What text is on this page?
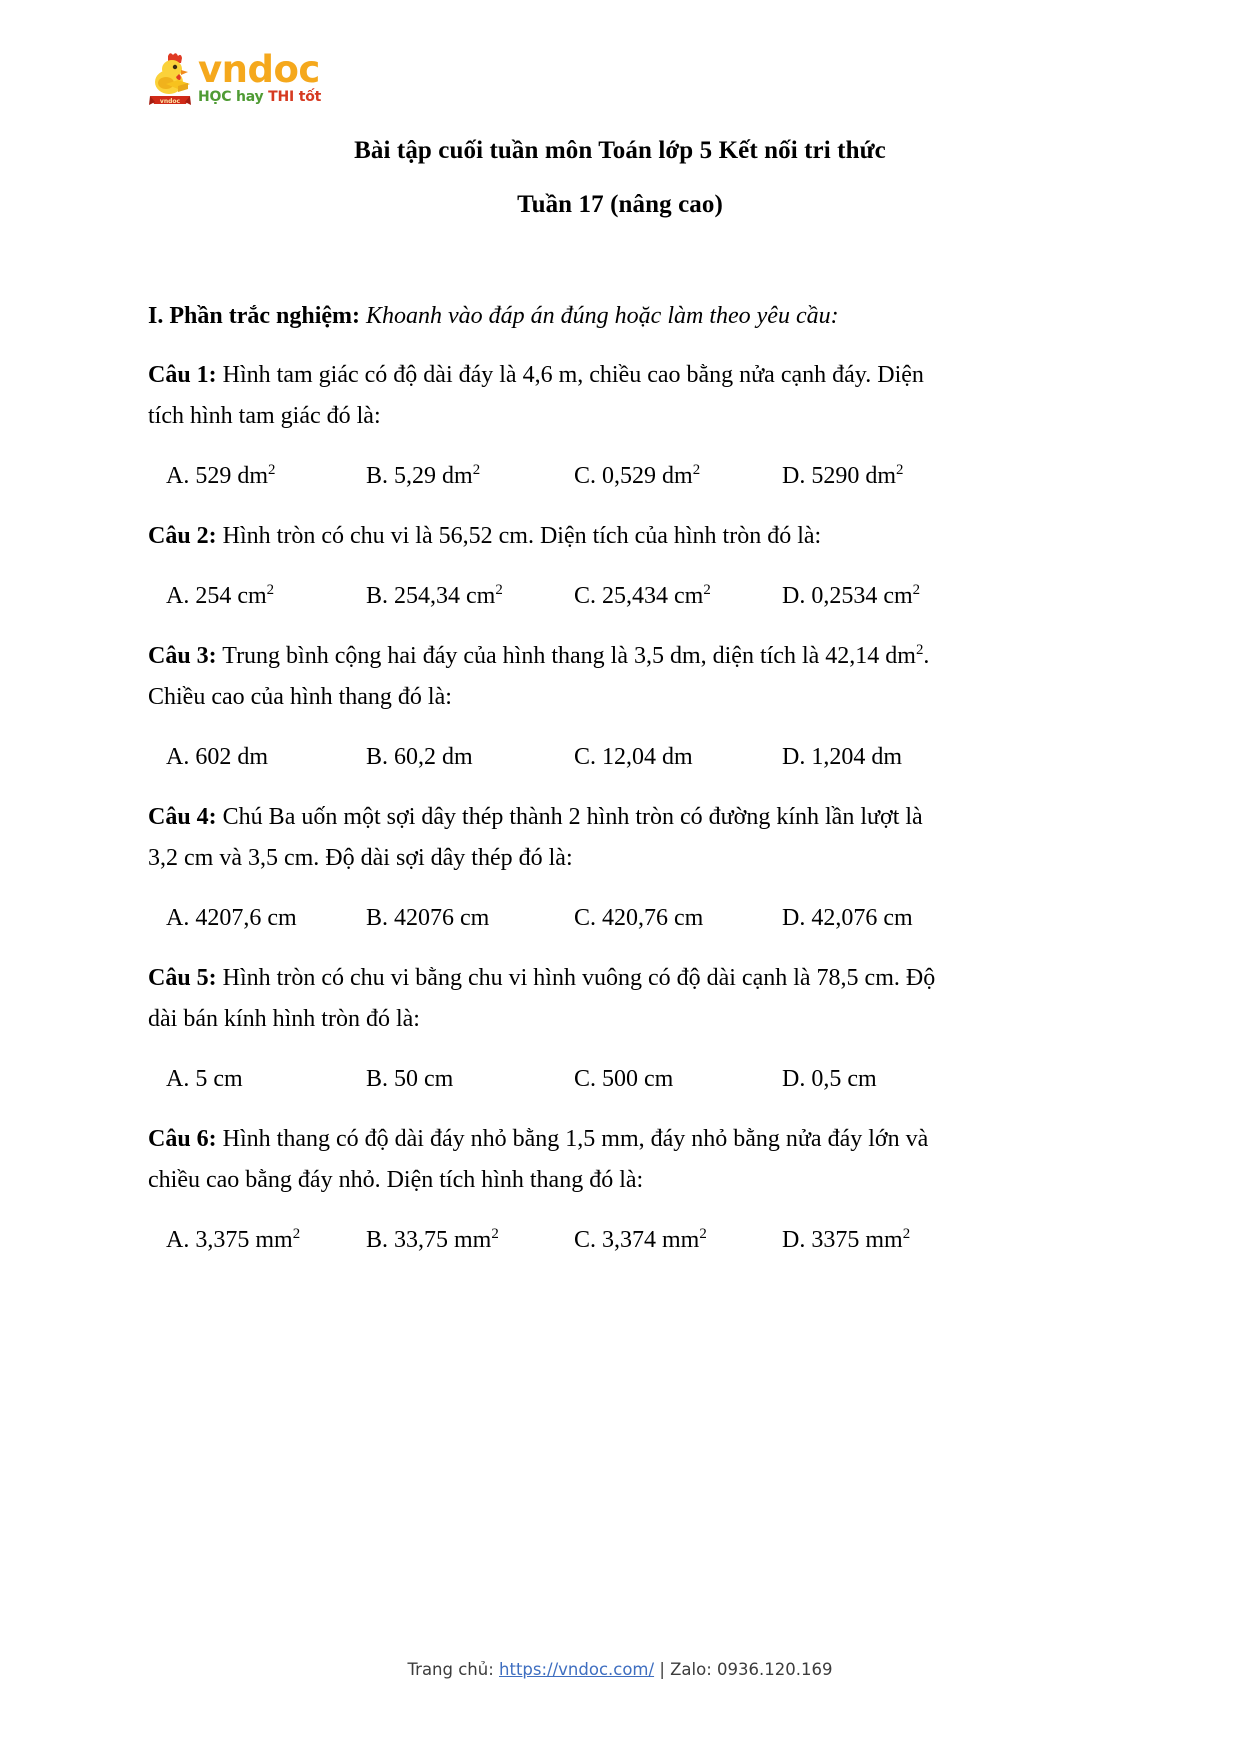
vndoc
vndoc
HỌC hay THI tốt
Bài tập cuối tuần môn Toán lớp 5 Kết nối tri thức
Tuần 17 (nâng cao)

I. Phần trắc nghiệm: Khoanh vào đáp án đúng hoặc làm theo yêu cầu:

Câu 1: Hình tam giác có độ dài đáy là 4,6 m, chiều cao bằng nửa cạnh đáy. Diện tích hình tam giác đó là:

A. 529 $dm^2$	B. 5,29 $dm^2$	C. 0,529 $dm^2$	D. 5290 $dm^2$

Câu 2: Hình tròn có chu vi là 56,52 cm. Diện tích của hình tròn đó là:

A. 254 $cm^2$	B. 254,34 $cm^2$	C. 25,434 $cm^2$	D. 0,2534 $cm^2$

Câu 3: Trung bình cộng hai đáy của hình thang là 3,5 dm, diện tích là 42,14 $dm^2$. Chiều cao của hình thang đó là:

A. 602 dm	B. 60,2 dm	C. 12,04 dm	D. 1,204 dm

Câu 4: Chú Ba uốn một sợi dây thép thành 2 hình tròn có đường kính lần lượt là 3,2 cm và 3,5 cm. Độ dài sợi dây thép đó là:

A. 4207,6 cm	B. 42076 cm	C. 420,76 cm	D. 42,076 cm

Câu 5: Hình tròn có chu vi bằng chu vi hình vuông có độ dài cạnh là 78,5 cm. Độ dài bán kính hình tròn đó là:

A. 5 cm	B. 50 cm	C. 500 cm	D. 0,5 cm

Câu 6: Hình thang có độ dài đáy nhỏ bằng 1,5 mm, đáy nhỏ bằng nửa đáy lớn và chiều cao bằng đáy nhỏ. Diện tích hình thang đó là:

A. 3,375 $mm^2$	B. 33,75 $mm^2$	C. 3,374 $mm^2$	D. 3375 $mm^2$
Trang chủ: https://vndoc.com/ | Zalo: 0936.120.169
